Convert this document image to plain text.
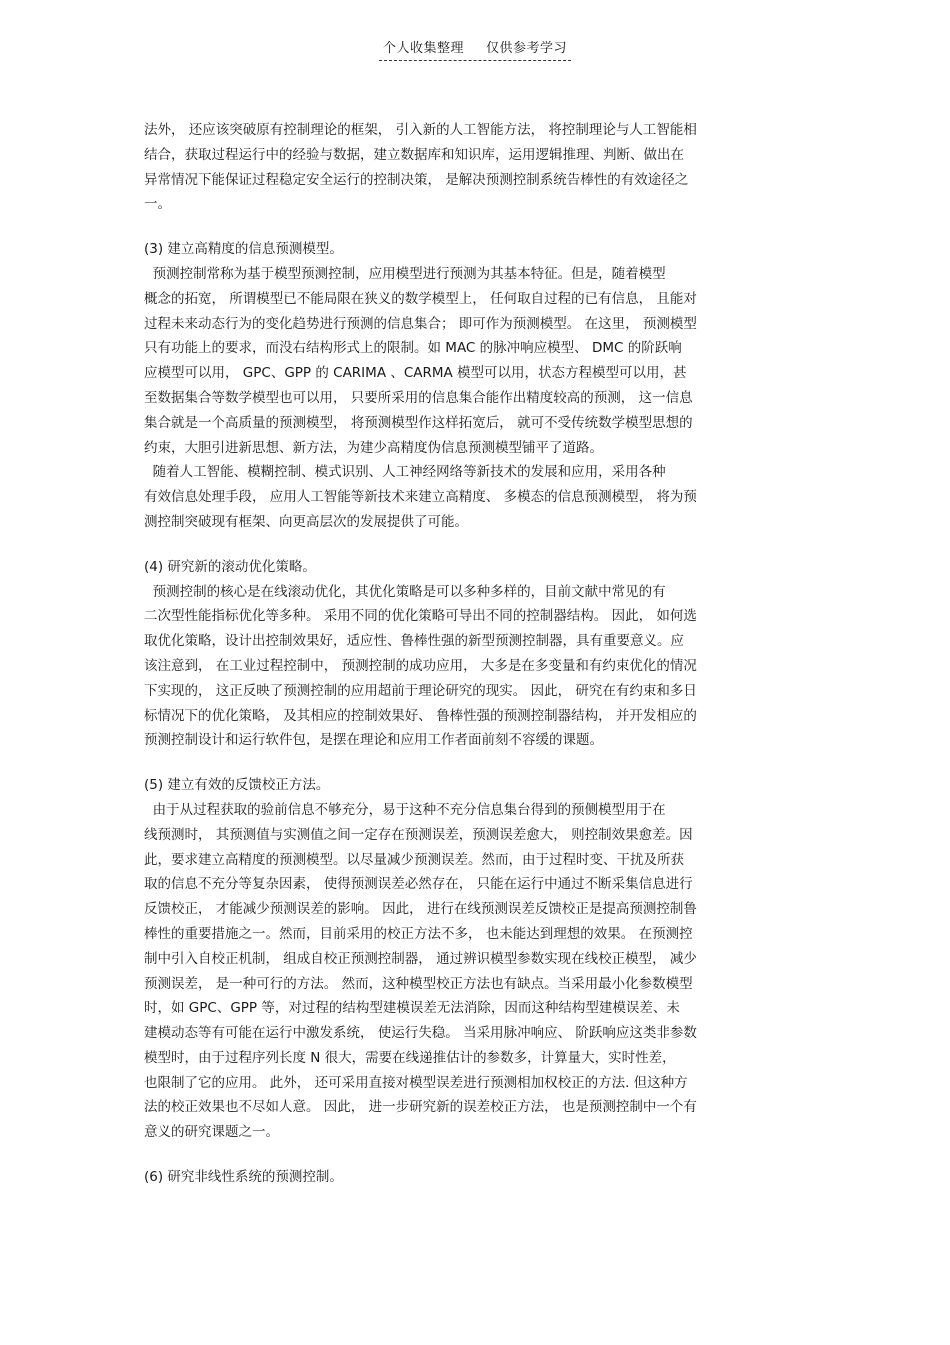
个人收集整理 仅供参考学习
法外， 还应该突破原有控制理论的框架， 引入新的人工智能方法， 将控制理论与人工智能相
结合，获取过程运行中的经验与数据，建立数据库和知识库，运用逻辑推理、判断、做出在
异常情况下能保证过程稳定安全运行的控制决策， 是解决预测控制系统告棒性的有效途径之
一。
(3) 建立高精度的信息预测模型。
预测控制常称为基于模型预测控制，应用模型进行预测为其基本特征。但是，随着模型
概念的拓宽， 所谓模型已不能局限在狭义的数学模型上， 任何取自过程的已有信息， 且能对
过程未来动态行为的变化趋势进行预测的信息集合； 即可作为预测模型。 在这里， 预测模型
只有功能上的要求，而没右结构形式上的限制。如 MAC 的脉冲响应模型、 DMC 的阶跃响
应模型可以用， GPC、GPP 的 CARIMA 、CARMA 模型可以用，状态方程模型可以用，甚
至数据集合等数学模型也可以用， 只要所采用的信息集合能作出精度较高的预测， 这一信息
集合就是一个高质量的预测模型， 将预测模型作这样拓宽后， 就可不受传统数学模型思想的
约束，大胆引进新思想、新方法，为建少高精度伪信息预测模型铺平了道路。
随着人工智能、模糊控制、模式识别、人工神经网络等新技术的发展和应用，采用各种
有效信息处理手段， 应用人工智能等新技术来建立高精度、 多模态的信息预测模型， 将为预
测控制突破现有框架、向更高层次的发展提供了可能。
(4) 研究新的滚动优化策略。
预测控制的核心是在线滚动优化，其优化策略是可以多种多样的，目前文献中常见的有
二次型性能指标优化等多种。 采用不同的优化策略可导出不同的控制器结构。 因此， 如何选
取优化策略，设计出控制效果好，适应性、鲁棒性强的新型预测控制器，具有重要意义。应
该注意到， 在工业过程控制中， 预测控制的成功应用， 大多是在多变量和有约束优化的情况
下实现的， 这正反映了预测控制的应用超前于理论研究的现实。 因此， 研究在有约束和多日
标情况下的优化策略， 及其相应的控制效果好、 鲁棒性强的预测控制器结构， 并开发相应的
预测控制设计和运行软件包，是摆在理论和应用工作者面前刻不容缓的课题。
(5) 建立有效的反馈校正方法。
由于从过程获取的验前信息不够充分，易于这种不充分信息集台得到的预侧模型用于在
线预测时， 其预测值与实测值之间一定存在预测误差，预测误差愈大， 则控制效果愈差。因
此，要求建立高精度的预测模型。以尽量减少预测误差。然而，由于过程时变、干扰及所获
取的信息不充分等复杂因素， 使得预测误差必然存在， 只能在运行中通过不断采集信息进行
反馈校正， 才能减少预测误差的影响。 因此， 进行在线预测误差反馈校正是提高预测控制鲁
棒性的重要措施之一。然而，目前采用的校正方法不多， 也未能达到理想的效果。 在预测控
制中引入自校正机制， 组成自校正预测控制器， 通过辨识模型参数实现在线校正模型， 减少
预测误差， 是一种可行的方法。 然而，这种模型校正方法也有缺点。当采用最小化参数模型
时，如 GPC、GPP 等，对过程的结构型建模误差无法消除，因而这种结构型建模误差、未
建模动态等有可能在运行中激发系统， 使运行失稳。 当采用脉冲响应、 阶跃响应这类非参数
模型时，由于过程序列长度 N 很大，需要在线递推估计的参数多，计算量大，实时性差，
也限制了它的应用。 此外， 还可采用直接对模型误差进行预测相加权校正的方法. 但这种方
法的校正效果也不尽如人意。 因此， 进一步研究新的误差校正方法， 也是预测控制中一个有
意义的研究课题之一。
(6) 研究非线性系统的预测控制。
